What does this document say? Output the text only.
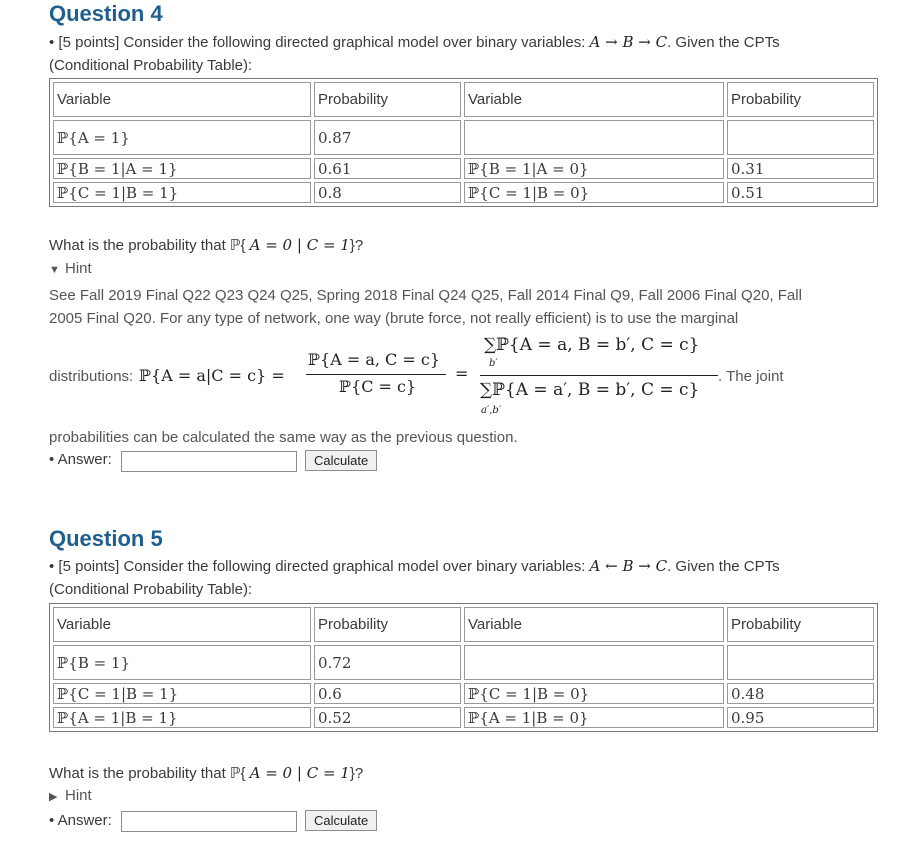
Question 4
• [5 points] Consider the following directed graphical model over binary variables: A → B → C. Given the CPTs
(Conditional Probability Table):
Variable	Probability	Variable	Probability
ℙ{A = 1}	0.87		
ℙ{B = 1|A = 1}	0.61	ℙ{B = 1|A = 0}	0.31
ℙ{C = 1|B = 1}	0.8	ℙ{C = 1|B = 0}	0.51
What is the probability that ℙ{ A = 0 | C = 1}?
▼ Hint
See Fall 2019 Final Q22 Q23 Q24 Q25, Spring 2018 Final Q24 Q25, Fall 2014 Final Q9, Fall 2006 Final Q20, Fall
2005 Final Q20. For any type of network, one way (brute force, not really efficient) is to use the marginal
distributions: ℙ{A = a|C = c} =
ℙ{A = a, C = c}
ℙ{C = c}
=
∑ℙ{A = a, B = b′, C = c}
b′
∑ℙ{A = a′, B = b′, C = c}
a′,b′
. The joint
probabilities can be calculated the same way as the previous question.
• Answer:	Calculate
Question 5
• [5 points] Consider the following directed graphical model over binary variables: A ← B → C. Given the CPTs
(Conditional Probability Table):
Variable	Probability	Variable	Probability
ℙ{B = 1}	0.72		
ℙ{C = 1|B = 1}	0.6	ℙ{C = 1|B = 0}	0.48
ℙ{A = 1|B = 1}	0.52	ℙ{A = 1|B = 0}	0.95
What is the probability that ℙ{ A = 0 | C = 1}?
▶ Hint
• Answer:	Calculate
